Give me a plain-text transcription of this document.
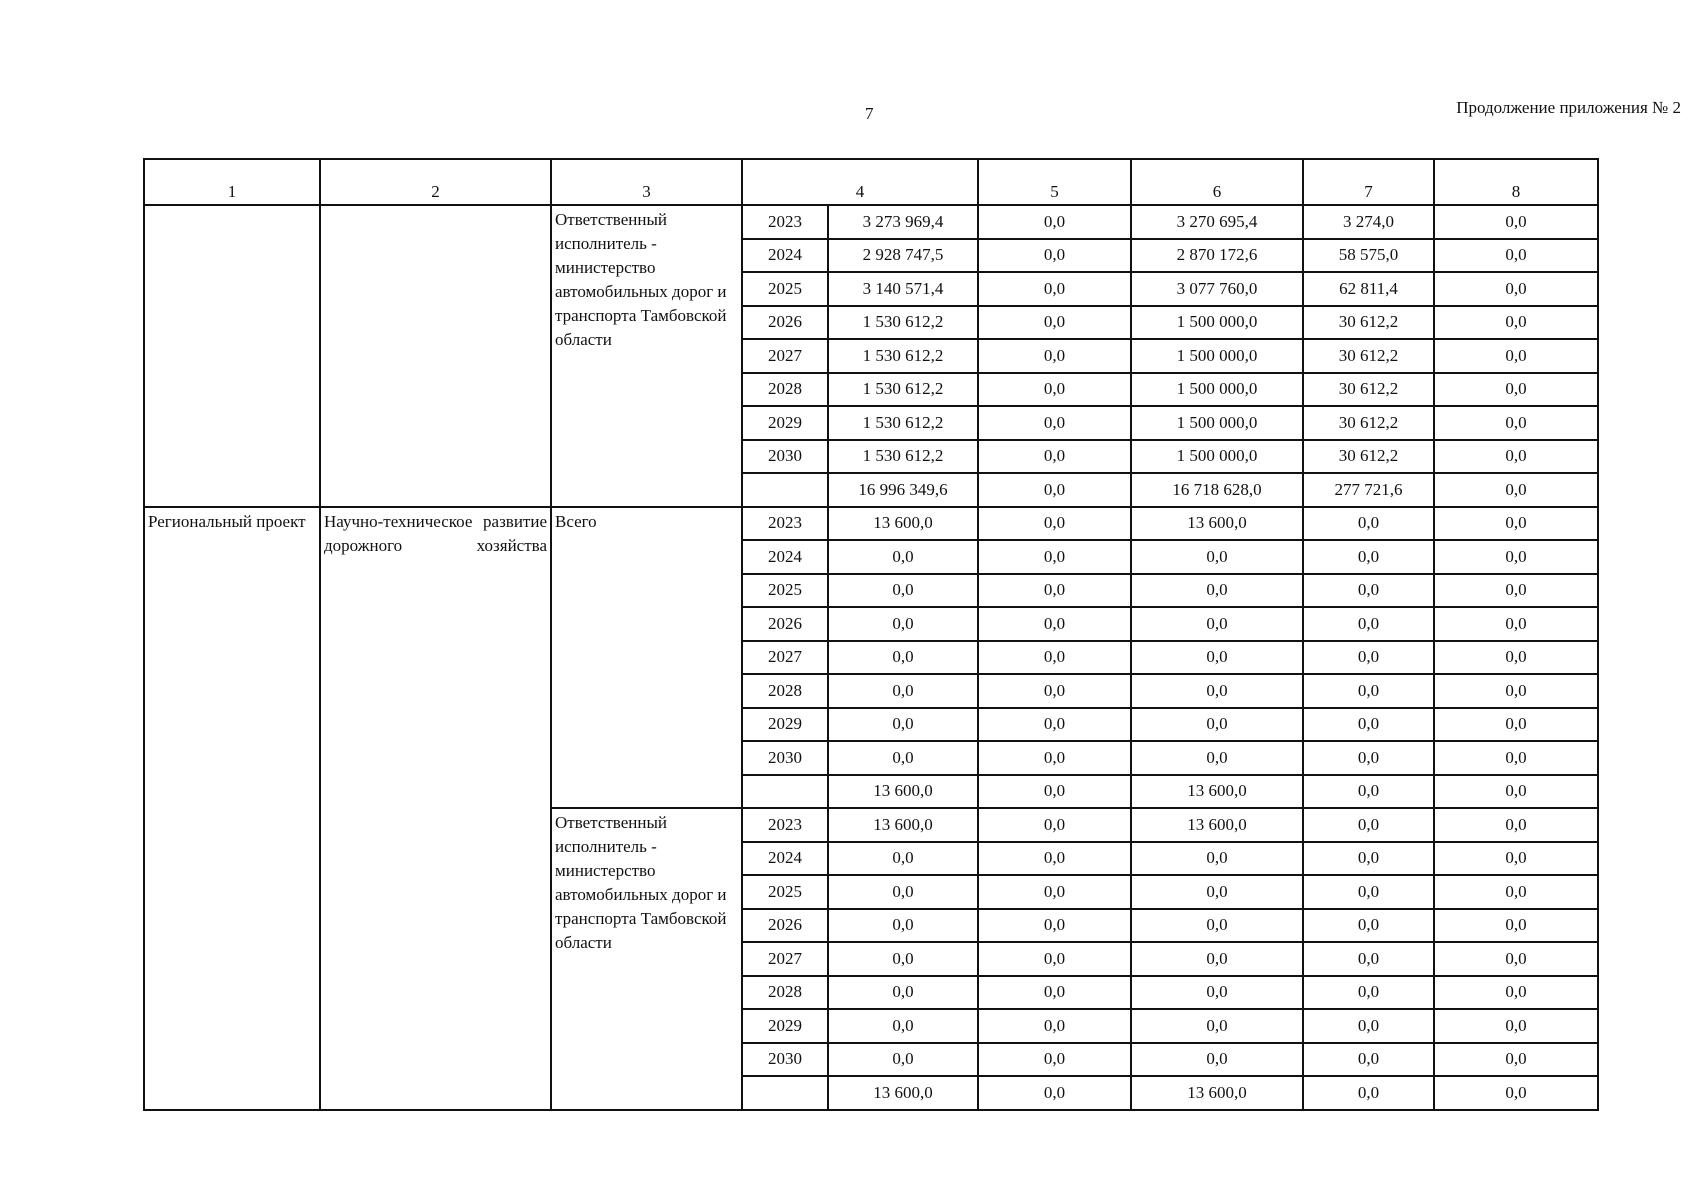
7	Продолжение приложения № 2
1	2	3	4		5	6	7	8
		Ответственный исполнитель - министерство автомобильных дорог и транспорта Тамбовской области	2023	3 273 969,4	0,0	3 270 695,4	3 274,0	0,0
			2024	2 928 747,5	0,0	2 870 172,6	58 575,0	0,0
			2025	3 140 571,4	0,0	3 077 760,0	62 811,4	0,0
			2026	1 530 612,2	0,0	1 500 000,0	30 612,2	0,0
			2027	1 530 612,2	0,0	1 500 000,0	30 612,2	0,0
			2028	1 530 612,2	0,0	1 500 000,0	30 612,2	0,0
			2029	1 530 612,2	0,0	1 500 000,0	30 612,2	0,0
			2030	1 530 612,2	0,0	1 500 000,0	30 612,2	0,0
				16 996 349,6	0,0	16 718 628,0	277 721,6	0,0
Региональный проект	Научно-техническое развитие дорожного хозяйства	Всего	2023	13 600,0	0,0	13 600,0	0,0	0,0
			2024	0,0	0,0	0,0	0,0	0,0
			2025	0,0	0,0	0,0	0,0	0,0
			2026	0,0	0,0	0,0	0,0	0,0
			2027	0,0	0,0	0,0	0,0	0,0
			2028	0,0	0,0	0,0	0,0	0,0
			2029	0,0	0,0	0,0	0,0	0,0
			2030	0,0	0,0	0,0	0,0	0,0
				13 600,0	0,0	13 600,0	0,0	0,0
		Ответственный исполнитель - министерство автомобильных дорог и транспорта Тамбовской области	2023	13 600,0	0,0	13 600,0	0,0	0,0
			2024	0,0	0,0	0,0	0,0	0,0
			2025	0,0	0,0	0,0	0,0	0,0
			2026	0,0	0,0	0,0	0,0	0,0
			2027	0,0	0,0	0,0	0,0	0,0
			2028	0,0	0,0	0,0	0,0	0,0
			2029	0,0	0,0	0,0	0,0	0,0
			2030	0,0	0,0	0,0	0,0	0,0
				13 600,0	0,0	13 600,0	0,0	0,0
